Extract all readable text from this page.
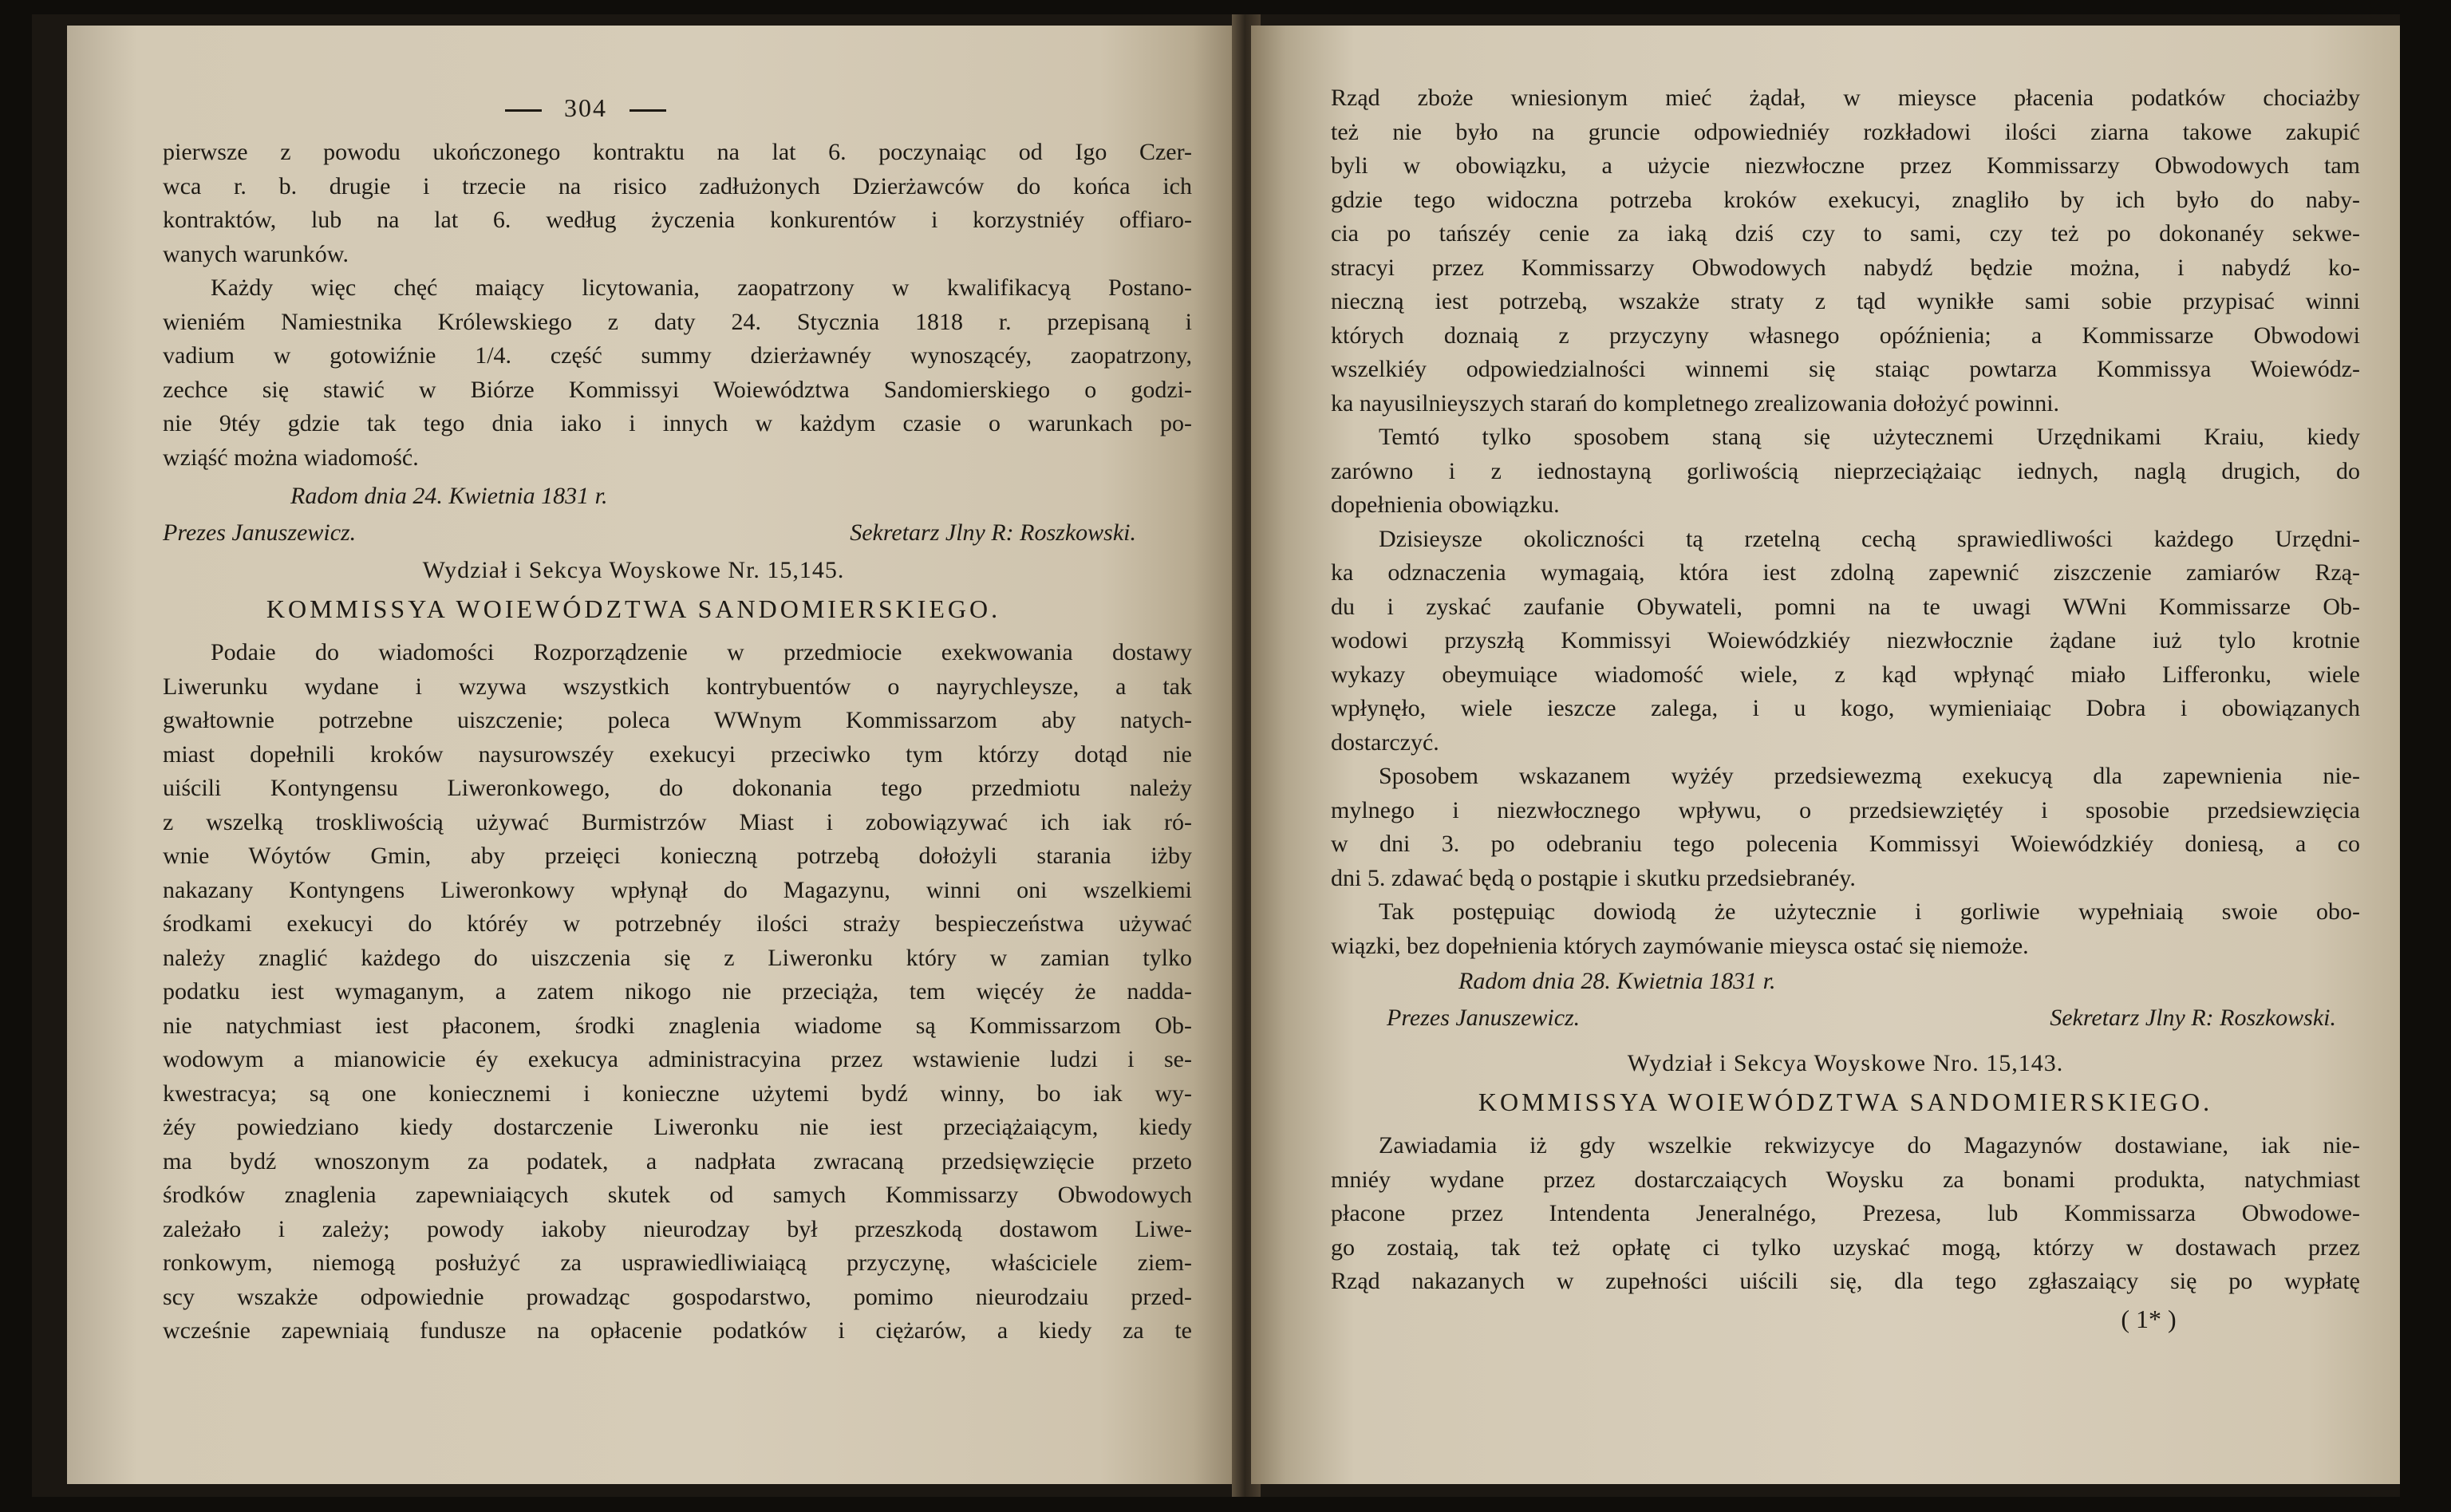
304
pierwsze z powodu ukończonego kontraktu na lat 6. poczynaiąc od Igo Czer-
wca r. b. drugie i trzecie na risico zadłużonych Dzierżawców do końca ich
kontraktów, lub na lat 6. według życzenia konkurentów i korzystniéy offiaro-
wanych warunków.
Każdy więc chęć maiący licytowania, zaopatrzony w kwalifikacyą Postano-
wieniém Namiestnika Królewskiego z daty 24. Stycznia 1818 r. przepisaną i
vadium w gotowiźnie 1/4. część summy dzierżawnéy wynoszącéy, zaopatrzony,
zechce się stawić w Biórze Kommissyi Woiewództwa Sandomierskiego o godzi-
nie 9téy gdzie tak tego dnia iako i innych w każdym czasie o warunkach po-
wziąść można wiadomość.
Radom dnia 24. Kwietnia 1831 r.
Prezes Januszewicz.	Sekretarz Jlny R: Roszkowski.
Wydział i Sekcya Woyskowe Nr. 15,145.
KOMMISSYA WOIEWÓDZTWA SANDOMIERSKIEGO.
Podaie do wiadomości Rozporządzenie w przedmiocie exekwowania dostawy
Liwerunku wydane i wzywa wszystkich kontrybuentów o nayrychleysze, a tak
gwałtownie potrzebne uiszczenie; poleca WWnym Kommissarzom aby natych-
miast dopełnili kroków naysurowszéy exekucyi przeciwko tym którzy dotąd nie
uiścili Kontyngensu Liweronkowego, do dokonania tego przedmiotu należy
z wszelką troskliwością używać Burmistrzów Miast i zobowiązywać ich iak ró-
wnie Wóytów Gmin, aby przeięci konieczną potrzebą dołożyli starania iżby
nakazany Kontyngens Liweronkowy wpłynął do Magazynu, winni oni wszelkiemi
środkami exekucyi do któréy w potrzebnéy ilości straży bespieczeństwa używać
należy znaglić każdego do uiszczenia się z Liweronku który w zamian tylko
podatku iest wymaganym, a zatem nikogo nie przeciąża, tem więcéy że nadda-
nie natychmiast iest płaconem, środki znaglenia wiadome są Kommissarzom Ob-
wodowym a mianowicie éy exekucya administracyina przez wstawienie ludzi i se-
kwestracya; są one koniecznemi i konieczne użytemi bydź winny, bo iak wy-
żéy powiedziano kiedy dostarczenie Liweronku nie iest przeciążaiącym, kiedy
ma bydź wnoszonym za podatek, a nadpłata zwracaną przedsięwzięcie przeto
środków znaglenia zapewniaiących skutek od samych Kommissarzy Obwodowych
zależało i zależy; powody iakoby nieurodzay był przeszkodą dostawom Liwe-
ronkowym, niemogą posłużyć za usprawiedliwiaiącą przyczynę, właściciele ziem-
scy wszakże odpowiednie prowadząc gospodarstwo, pomimo nieurodzaiu przed-
wcześnie zapewniaią fundusze na opłacenie podatków i ciężarów, a kiedy za te
Rząd zboże wniesionym mieć żądał, w mieysce płacenia podatków chociażby
też nie było na gruncie odpowiedniéy rozkładowi ilości ziarna takowe zakupić
byli w obowiązku, a użycie niezwłoczne przez Kommissarzy Obwodowych tam
gdzie tego widoczna potrzeba kroków exekucyi, znagliło by ich było do naby-
cia po tańszéy cenie za iaką dziś czy to sami, czy też po dokonanéy sekwe-
stracyi przez Kommissarzy Obwodowych nabydź będzie można, i nabydź ko-
nieczną iest potrzebą, wszakże straty z tąd wynikłe sami sobie przypisać winni
których doznaią z przyczyny własnego opóźnienia; a Kommissarze Obwodowi
wszelkiéy odpowiedzialności winnemi się staiąc powtarza Kommissya Woiewódz-
ka nayusilnieyszych starań do kompletnego zrealizowania dołożyć powinni.
Temtó tylko sposobem staną się użytecznemi Urzędnikami Kraiu, kiedy
zarówno i z iednostayną gorliwością nieprzeciążaiąc iednych, naglą drugich, do
dopełnienia obowiązku.
Dzisieysze okoliczności tą rzetelną cechą sprawiedliwości każdego Urzędni-
ka odznaczenia wymagaią, która iest zdolną zapewnić ziszczenie zamiarów Rzą-
du i zyskać zaufanie Obywateli, pomni na te uwagi WWni Kommissarze Ob-
wodowi przyszłą Kommissyi Woiewódzkiéy niezwłocznie żądane iuż tylo krotnie
wykazy obeymuiące wiadomość wiele, z kąd wpłynąć miało Lifferonku, wiele
wpłynęło, wiele ieszcze zalega, i u kogo, wymieniaiąc Dobra i obowiązanych
dostarczyć.
Sposobem wskazanem wyżéy przedsiewezmą exekucyą dla zapewnienia nie-
mylnego i niezwłocznego wpływu, o przedsiewziętéy i sposobie przedsiewzięcia
w dni 3. po odebraniu tego polecenia Kommissyi Woiewódzkiéy doniesą, a co
dni 5. zdawać będą o postąpie i skutku przedsiebranéy.
Tak postępuiąc dowiodą że użytecznie i gorliwie wypełniaią swoie obo-
wiązki, bez dopełnienia których zaymówanie mieysca ostać się niemoże.
Radom dnia 28. Kwietnia 1831 r.
Prezes Januszewicz.	Sekretarz Jlny R: Roszkowski.
Wydział i Sekcya Woyskowe Nro. 15,143.
KOMMISSYA WOIEWÓDZTWA SANDOMIERSKIEGO.
Zawiadamia iż gdy wszelkie rekwizycye do Magazynów dostawiane, iak nie-
mniéy wydane przez dostarczaiących Woysku za bonami produkta, natychmiast
płacone przez Intendenta Jeneralnégo, Prezesa, lub Kommissarza Obwodowe-
go zostaią, tak też opłatę ci tylko uzyskać mogą, którzy w dostawach przez
Rząd nakazanych w zupełności uiścili się, dla tego zgłaszaiący się po wypłatę
( 1* )
